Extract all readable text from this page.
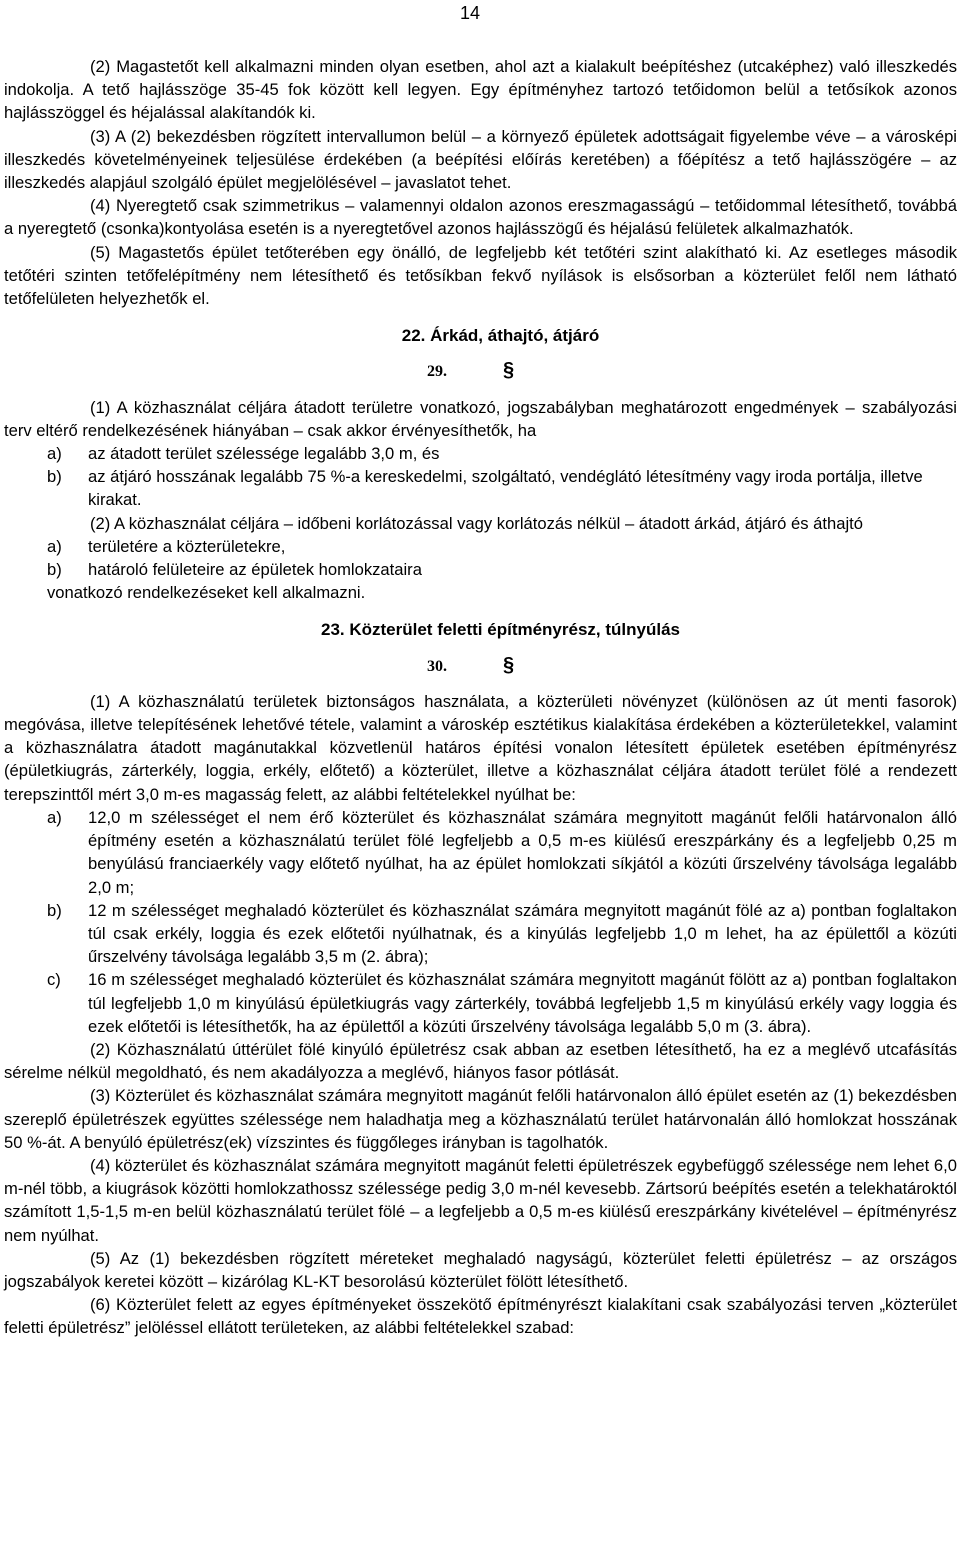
14

(2) Magastetőt kell alkalmazni minden olyan esetben, ahol azt a kialakult beépítéshez (utcaképhez) való illeszkedés indokolja. A tető hajlásszöge 35-45 fok között kell legyen. Egy építményhez tartozó tetőidomon belül a tetősíkok azonos hajlásszöggel és héjalással alakítandók ki.

(3) A (2) bekezdésben rögzített intervallumon belül – a környező épületek adottságait figyelembe véve – a városképi illeszkedés követelményeinek teljesülése érdekében (a beépítési előírás keretében) a főépítész a tető hajlásszögére – az illeszkedés alapjául szolgáló épület megjelölésével – javaslatot tehet.

(4) Nyeregtető csak szimmetrikus – valamennyi oldalon azonos ereszmagasságú – tetőidommal létesíthető, továbbá a nyeregtető (csonka)kontyolása esetén is a nyeregtetővel azonos hajlásszögű és héjalású felületek alkalmazhatók.

(5) Magastetős épület tetőterében egy önálló, de legfeljebb két tetőtéri szint alakítható ki. Az esetleges második tetőtéri szinten tetőfelépítmény nem létesíthető és tetősíkban fekvő nyílások is elsősorban a közterület felől nem látható tetőfelületen helyezhetők el.

22. Árkád, áthajtó, átjáró
29.	§

(1) A közhasználat céljára átadott területre vonatkozó, jogszabályban meghatározott engedmények – szabályozási terv eltérő rendelkezésének hiányában – csak akkor érvényesíthetők, ha

a)	az átadott terület szélessége legalább 3,0 m, és
b)	az átjáró hosszának legalább 75 %-a kereskedelmi, szolgáltató, vendéglátó létesítmény vagy iroda portálja, illetve kirakat.

(2) A közhasználat céljára – időbeni korlátozással vagy korlátozás nélkül – átadott árkád, átjáró és áthajtó

a)	területére a közterületekre,
b)	határoló felületeire az épületek homlokzataira

vonatkozó rendelkezéseket kell alkalmazni.

23. Közterület feletti építményrész, túlnyúlás
30.	§

(1) A közhasználatú területek biztonságos használata, a közterületi növényzet (különösen az út menti fasorok) megóvása, illetve telepítésének lehetővé tétele, valamint a városkép esztétikus kialakítása érdekében a közterületekkel, valamint a közhasználatra átadott magánutakkal közvetlenül határos építési vonalon létesített épületek esetében építményrész (épületkiugrás, zárterkély, loggia, erkély, előtető) a közterület, illetve a közhasználat céljára átadott terület fölé a rendezett terepszinttől mért 3,0 m-es magasság felett, az alábbi feltételekkel nyúlhat be:

a)	12,0 m szélességet el nem érő közterület és közhasználat számára megnyitott magánút felőli határvonalon álló építmény esetén a közhasználatú terület fölé legfeljebb a 0,5 m-es kiülésű ereszpárkány és a legfeljebb 0,25 m benyúlású franciaerkély vagy előtető nyúlhat, ha az épület homlokzati síkjától a közúti űrszelvény távolsága legalább 2,0 m;
b)	12 m szélességet meghaladó közterület és közhasználat számára megnyitott magánút fölé az a) pontban foglaltakon túl csak erkély, loggia és ezek előtetői nyúlhatnak, és a kinyúlás legfeljebb 1,0 m lehet, ha az épülettől a közúti űrszelvény távolsága legalább 3,5 m (2. ábra);
c)	16 m szélességet meghaladó közterület és közhasználat számára megnyitott magánút fölött az a) pontban foglaltakon túl legfeljebb 1,0 m kinyúlású épületkiugrás vagy zárterkély, továbbá legfeljebb 1,5 m kinyúlású erkély vagy loggia és ezek előtetői is létesíthetők, ha az épülettől a közúti űrszelvény távolsága legalább 5,0 m (3. ábra).

(2) Közhasználatú úttérület fölé kinyúló épületrész csak abban az esetben létesíthető, ha ez a meglévő utcafásítás sérelme nélkül megoldható, és nem akadályozza a meglévő, hiányos fasor pótlását.

(3) Közterület és közhasználat számára megnyitott magánút felőli határvonalon álló épület esetén az (1) bekezdésben szereplő épületrészek együttes szélessége nem haladhatja meg a közhasználatú terület határvonalán álló homlokzat hosszának 50 %-át. A benyúló épületrész(ek) vízszintes és függőleges irányban is tagolhatók.

(4) közterület és közhasználat számára megnyitott magánút feletti épületrészek egybefüggő szélessége nem lehet 6,0 m-nél több, a kiugrások közötti homlokzathossz szélessége pedig 3,0 m-nél kevesebb. Zártsorú beépítés esetén a telekhatároktól számított 1,5-1,5 m-en belül közhasználatú terület fölé – a legfeljebb a 0,5 m-es kiülésű ereszpárkány kivételével – építményrész nem nyúlhat.

(5) Az (1) bekezdésben rögzített méreteket meghaladó nagyságú, közterület feletti épületrész – az országos jogszabályok keretei között – kizárólag KL-KT besorolású közterület fölött létesíthető.

(6) Közterület felett az egyes építményeket összekötő építményrészt kialakítani csak szabályozási terven „közterület feletti épületrész” jelöléssel ellátott területeken, az alábbi feltételekkel szabad:
